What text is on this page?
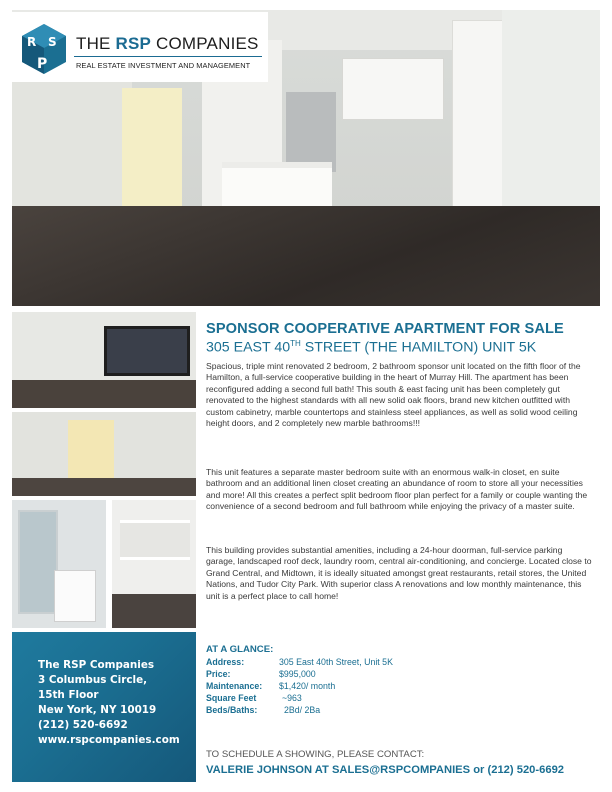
R S
P
THE RSP COMPANIES
REAL ESTATE INVESTMENT AND MANAGEMENT
The RSP Companies
3 Columbus Circle,
15th Floor
New York, NY 10019
(212) 520-6692
www.rspcompanies.com
SPONSOR COOPERATIVE APARTMENT FOR SALE
305 EAST 40TH STREET (THE HAMILTON) UNIT 5K
Spacious, triple mint renovated 2 bedroom, 2 bathroom sponsor unit located on the fifth floor of the Hamilton, a full-service cooperative building in the heart of Murray Hill. The apartment has been reconfigured adding a second full bath! This south & east facing unit has been completely gut renovated to the highest standards with all new solid oak floors, brand new kitchen outfitted with custom cabinetry, marble countertops and stainless steel appliances, as well as solid wood ceiling height doors, and 2 completely new marble bathrooms!!!
This unit features a separate master bedroom suite with an enormous walk-in closet, en suite bathroom and an additional linen closet creating an abundance of room to store all your necessities and more! All this creates a perfect split bedroom floor plan perfect for a family or couple wanting the convenience of a second bedroom and full bathroom while enjoying the privacy of a master suite.
This building provides substantial amenities, including a 24-hour doorman, full-service parking garage, landscaped roof deck, laundry room, central air-conditioning, and concierge. Located close to Grand Central, and Midtown, it is ideally situated amongst great restaurants, retail stores, the United Nations, and Tudor City Park. With superior class A renovations and low monthly maintenance, this unit is a perfect place to call home!
AT A GLANCE:
Address:	305 East 40th Street, Unit 5K
Price:	$995,000
Maintenance: $1,420/ month
Square Feet	~963
Beds/Baths:	2Bd/ 2Ba
TO SCHEDULE A SHOWING, PLEASE CONTACT:
VALERIE JOHNSON AT SALES@RSPCOMPANIES or (212) 520-6692
